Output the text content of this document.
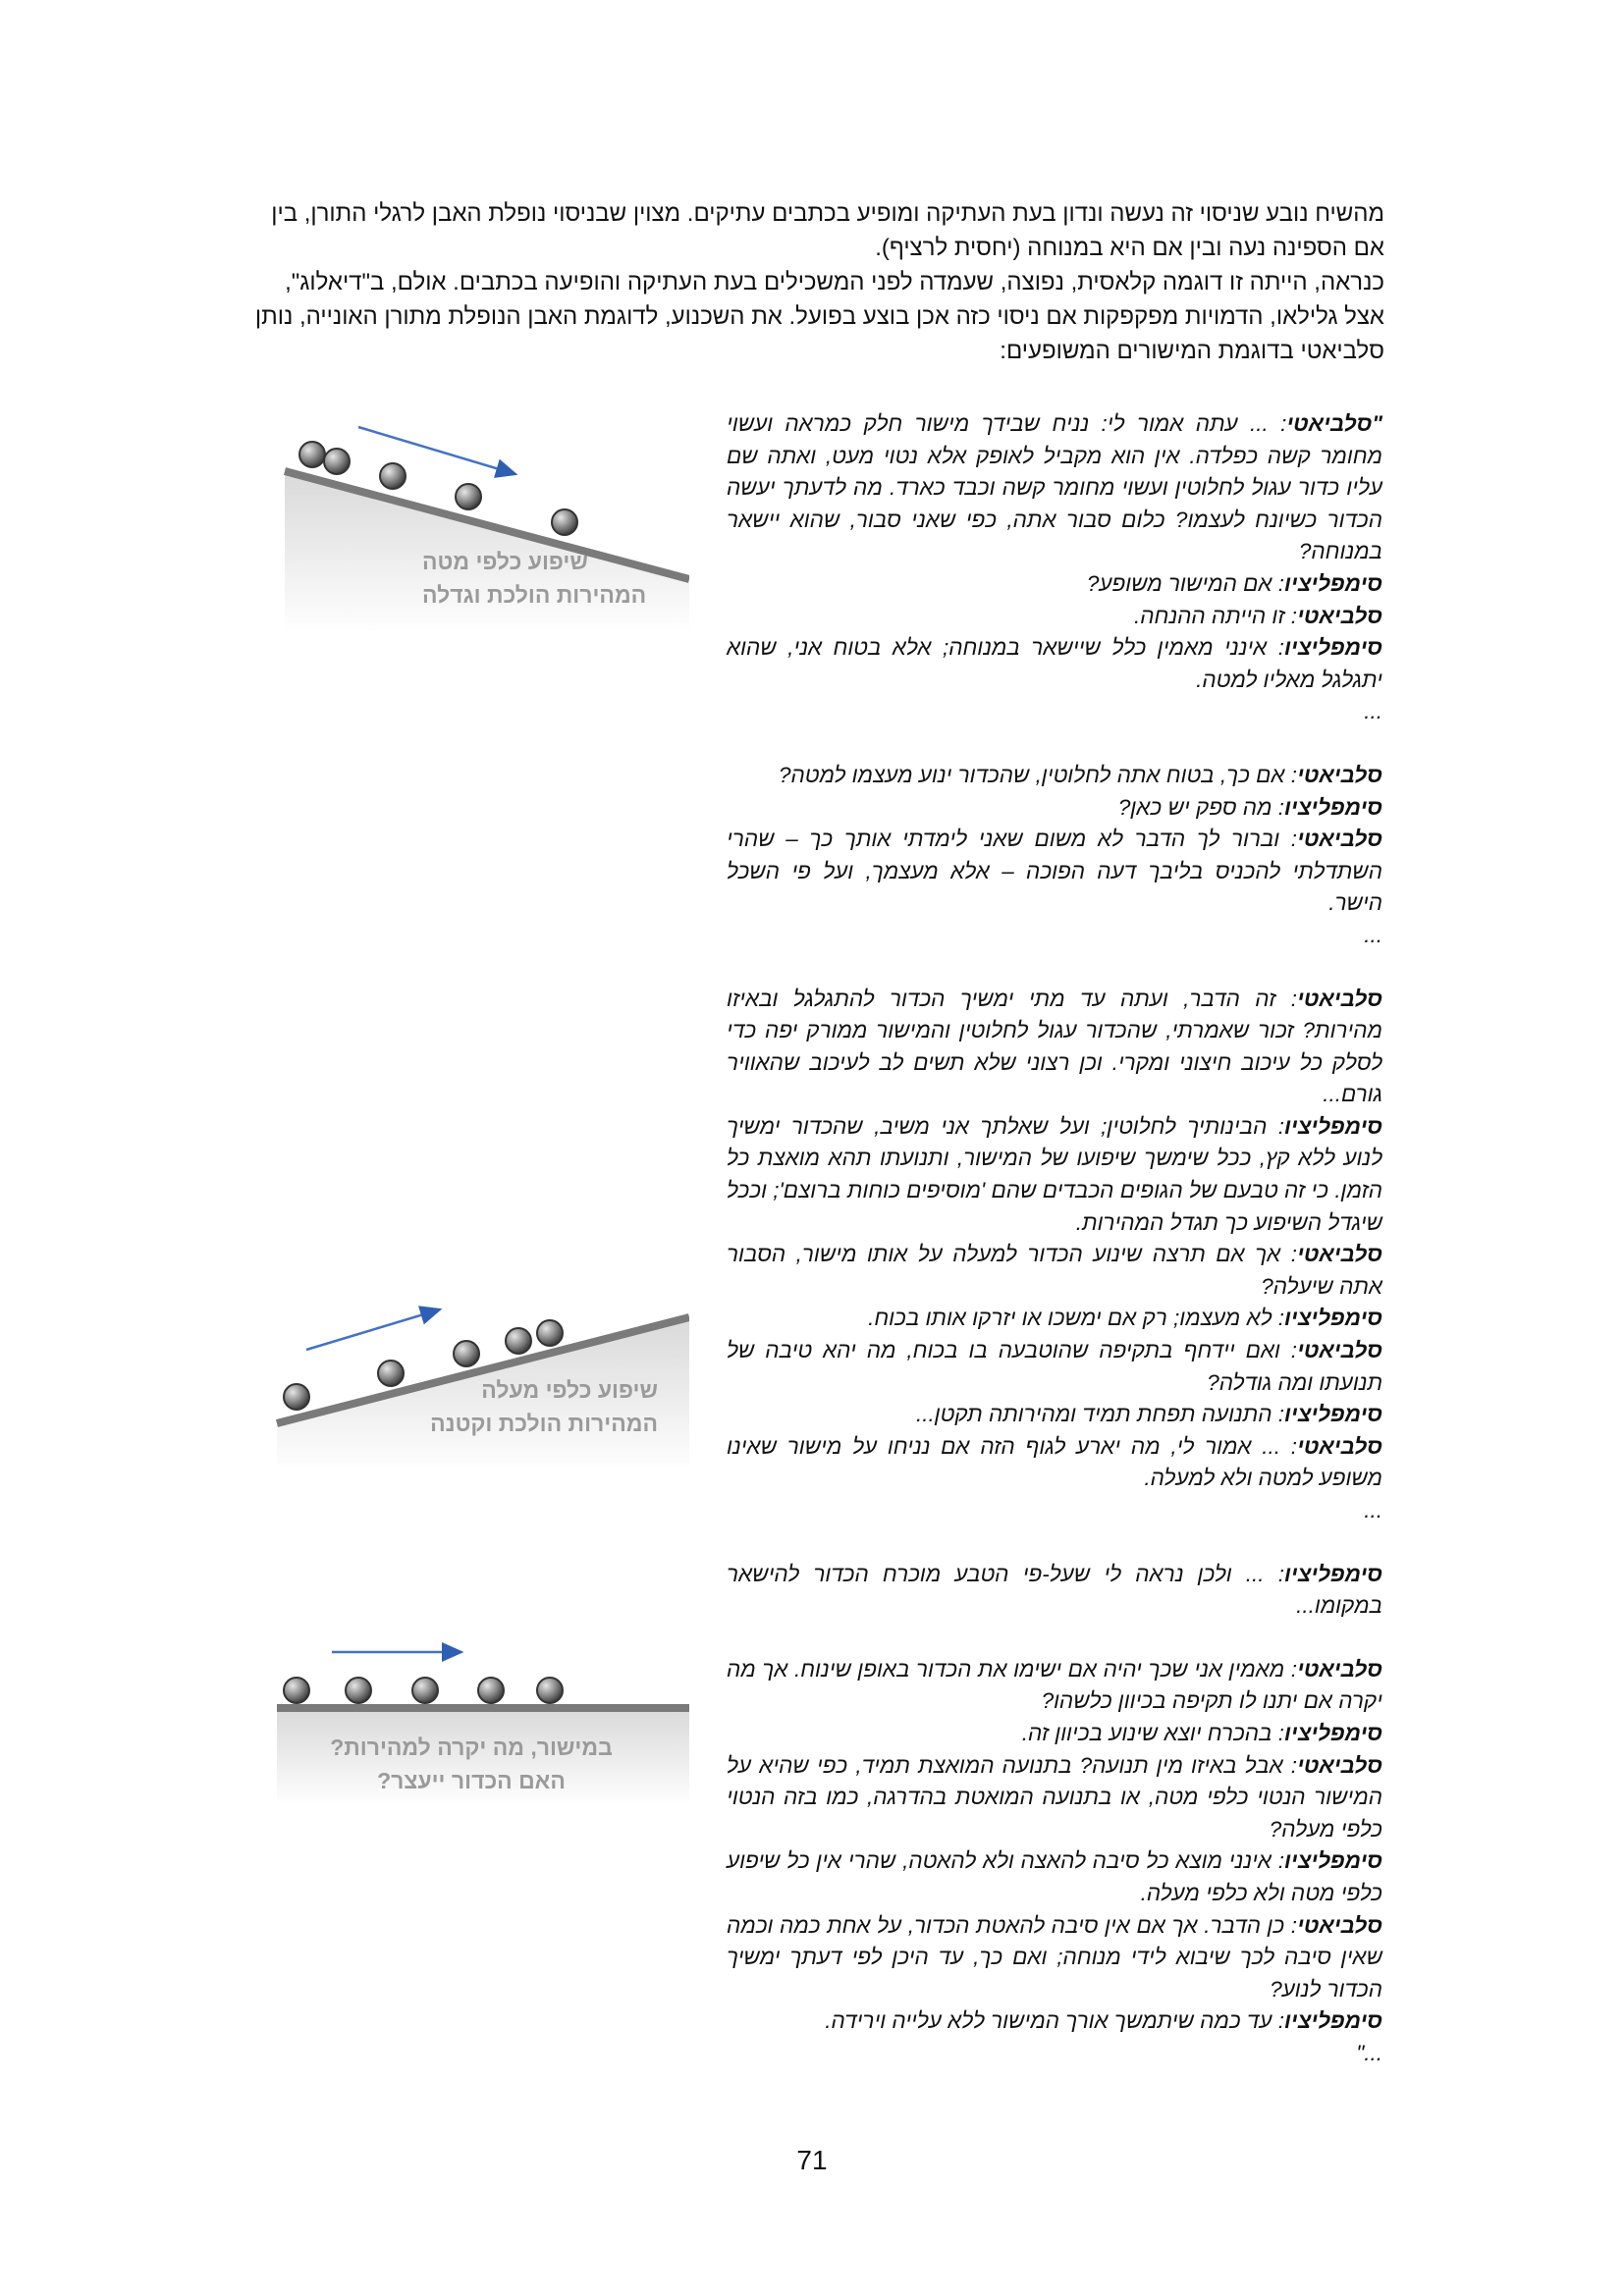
מהשיח נובע שניסוי זה נעשה ונדון בעת העתיקה ומופיע בכתבים עתיקים. מצוין שבניסוי נופלת האבן לרגלי התורן, בין אם הספינה נעה ובין אם היא במנוחה (יחסית לרציף).

כנראה, הייתה זו דוגמה קלאסית, נפוצה, שעמדה לפני המשכילים בעת העתיקה והופיעה בכתבים. אולם, ב"דיאלוג", אצל גלילאו, הדמויות מפקפקות אם ניסוי כזה אכן בוצע בפועל. את השכנוע, לדוגמת האבן הנופלת מתורן האונייה, נותן סלביאטי בדוגמת המישורים המשופעים:

שיפוע כלפי מטה
המהירות הולכת וגדלה
שיפוע כלפי מעלה
המהירות הולכת וקטנה
במישור, מה יקרה למהירות?
האם הכדור ייעצר?

"סלביאטי: ... עתה אמור לי: נניח שבידך מישור חלק כמראה ועשוי מחומר קשה כפלדה. אין הוא מקביל לאופק אלא נטוי מעט, ואתה שם עליו כדור עגול לחלוטין ועשוי מחומר קשה וכבד כארד. מה לדעתך יעשה הכדור כשיונח לעצמו? כלום סבור אתה, כפי שאני סבור, שהוא יישאר במנוחה?

סימפליציו: אם המישור משופע?

סלביאטי: זו הייתה ההנחה.

סימפליציו: אינני מאמין כלל שיישאר במנוחה; אלא בטוח אני, שהוא יתגלגל מאליו למטה.

...

סלביאטי: אם כך, בטוח אתה לחלוטין, שהכדור ינוע מעצמו למטה?

סימפליציו: מה ספק יש כאן?

סלביאטי: וברור לך הדבר לא משום שאני לימדתי אותך כך – שהרי השתדלתי להכניס בליבך דעה הפוכה – אלא מעצמך, ועל פי השכל הישר.

...

סלביאטי: זה הדבר, ועתה עד מתי ימשיך הכדור להתגלגל ובאיזו מהירות? זכור שאמרתי, שהכדור עגול לחלוטין והמישור ממורק יפה כדי לסלק כל עיכוב חיצוני ומקרי. וכן רצוני שלא תשים לב לעיכוב שהאוויר גורם...

סימפליציו: הבינותיך לחלוטין; ועל שאלתך אני משיב, שהכדור ימשיך לנוע ללא קץ, ככל שימשך שיפועו של המישור, ותנועתו תהא מואצת כל הזמן. כי זה טבעם של הגופים הכבדים שהם 'מוסיפים כוחות ברוצם'; וככל שיגדל השיפוע כך תגדל המהירות.

סלביאטי: אך אם תרצה שינוע הכדור למעלה על אותו מישור, הסבור אתה שיעלה?

סימפליציו: לא מעצמו; רק אם ימשכו או יזרקו אותו בכוח.

סלביאטי: ואם יידחף בתקיפה שהוטבעה בו בכוח, מה יהא טיבה של תנועתו ומה גודלה?

סימפליציו: התנועה תפחת תמיד ומהירותה תקטן...

סלביאטי: ... אמור לי, מה יארע לגוף הזה אם נניחו על מישור שאינו משופע למטה ולא למעלה.

...

סימפליציו: ... ולכן נראה לי שעל-פי הטבע מוכרח הכדור להישאר במקומו...

סלביאטי: מאמין אני שכך יהיה אם ישימו את הכדור באופן שינוח. אך מה יקרה אם יתנו לו תקיפה בכיוון כלשהו?

סימפליציו: בהכרח יוצא שינוע בכיוון זה.

סלביאטי: אבל באיזו מין תנועה? בתנועה המואצת תמיד, כפי שהיא על המישור הנטוי כלפי מטה, או בתנועה המואטת בהדרגה, כמו בזה הנטוי כלפי מעלה?

סימפליציו: אינני מוצא כל סיבה להאצה ולא להאטה, שהרי אין כל שיפוע כלפי מטה ולא כלפי מעלה.

סלביאטי: כן הדבר. אך אם אין סיבה להאטת הכדור, על אחת כמה וכמה שאין סיבה לכך שיבוא לידי מנוחה; ואם כך, עד היכן לפי דעתך ימשיך הכדור לנוע?

סימפליציו: עד כמה שיתמשך אורך המישור ללא עלייה וירידה.

..."

71
